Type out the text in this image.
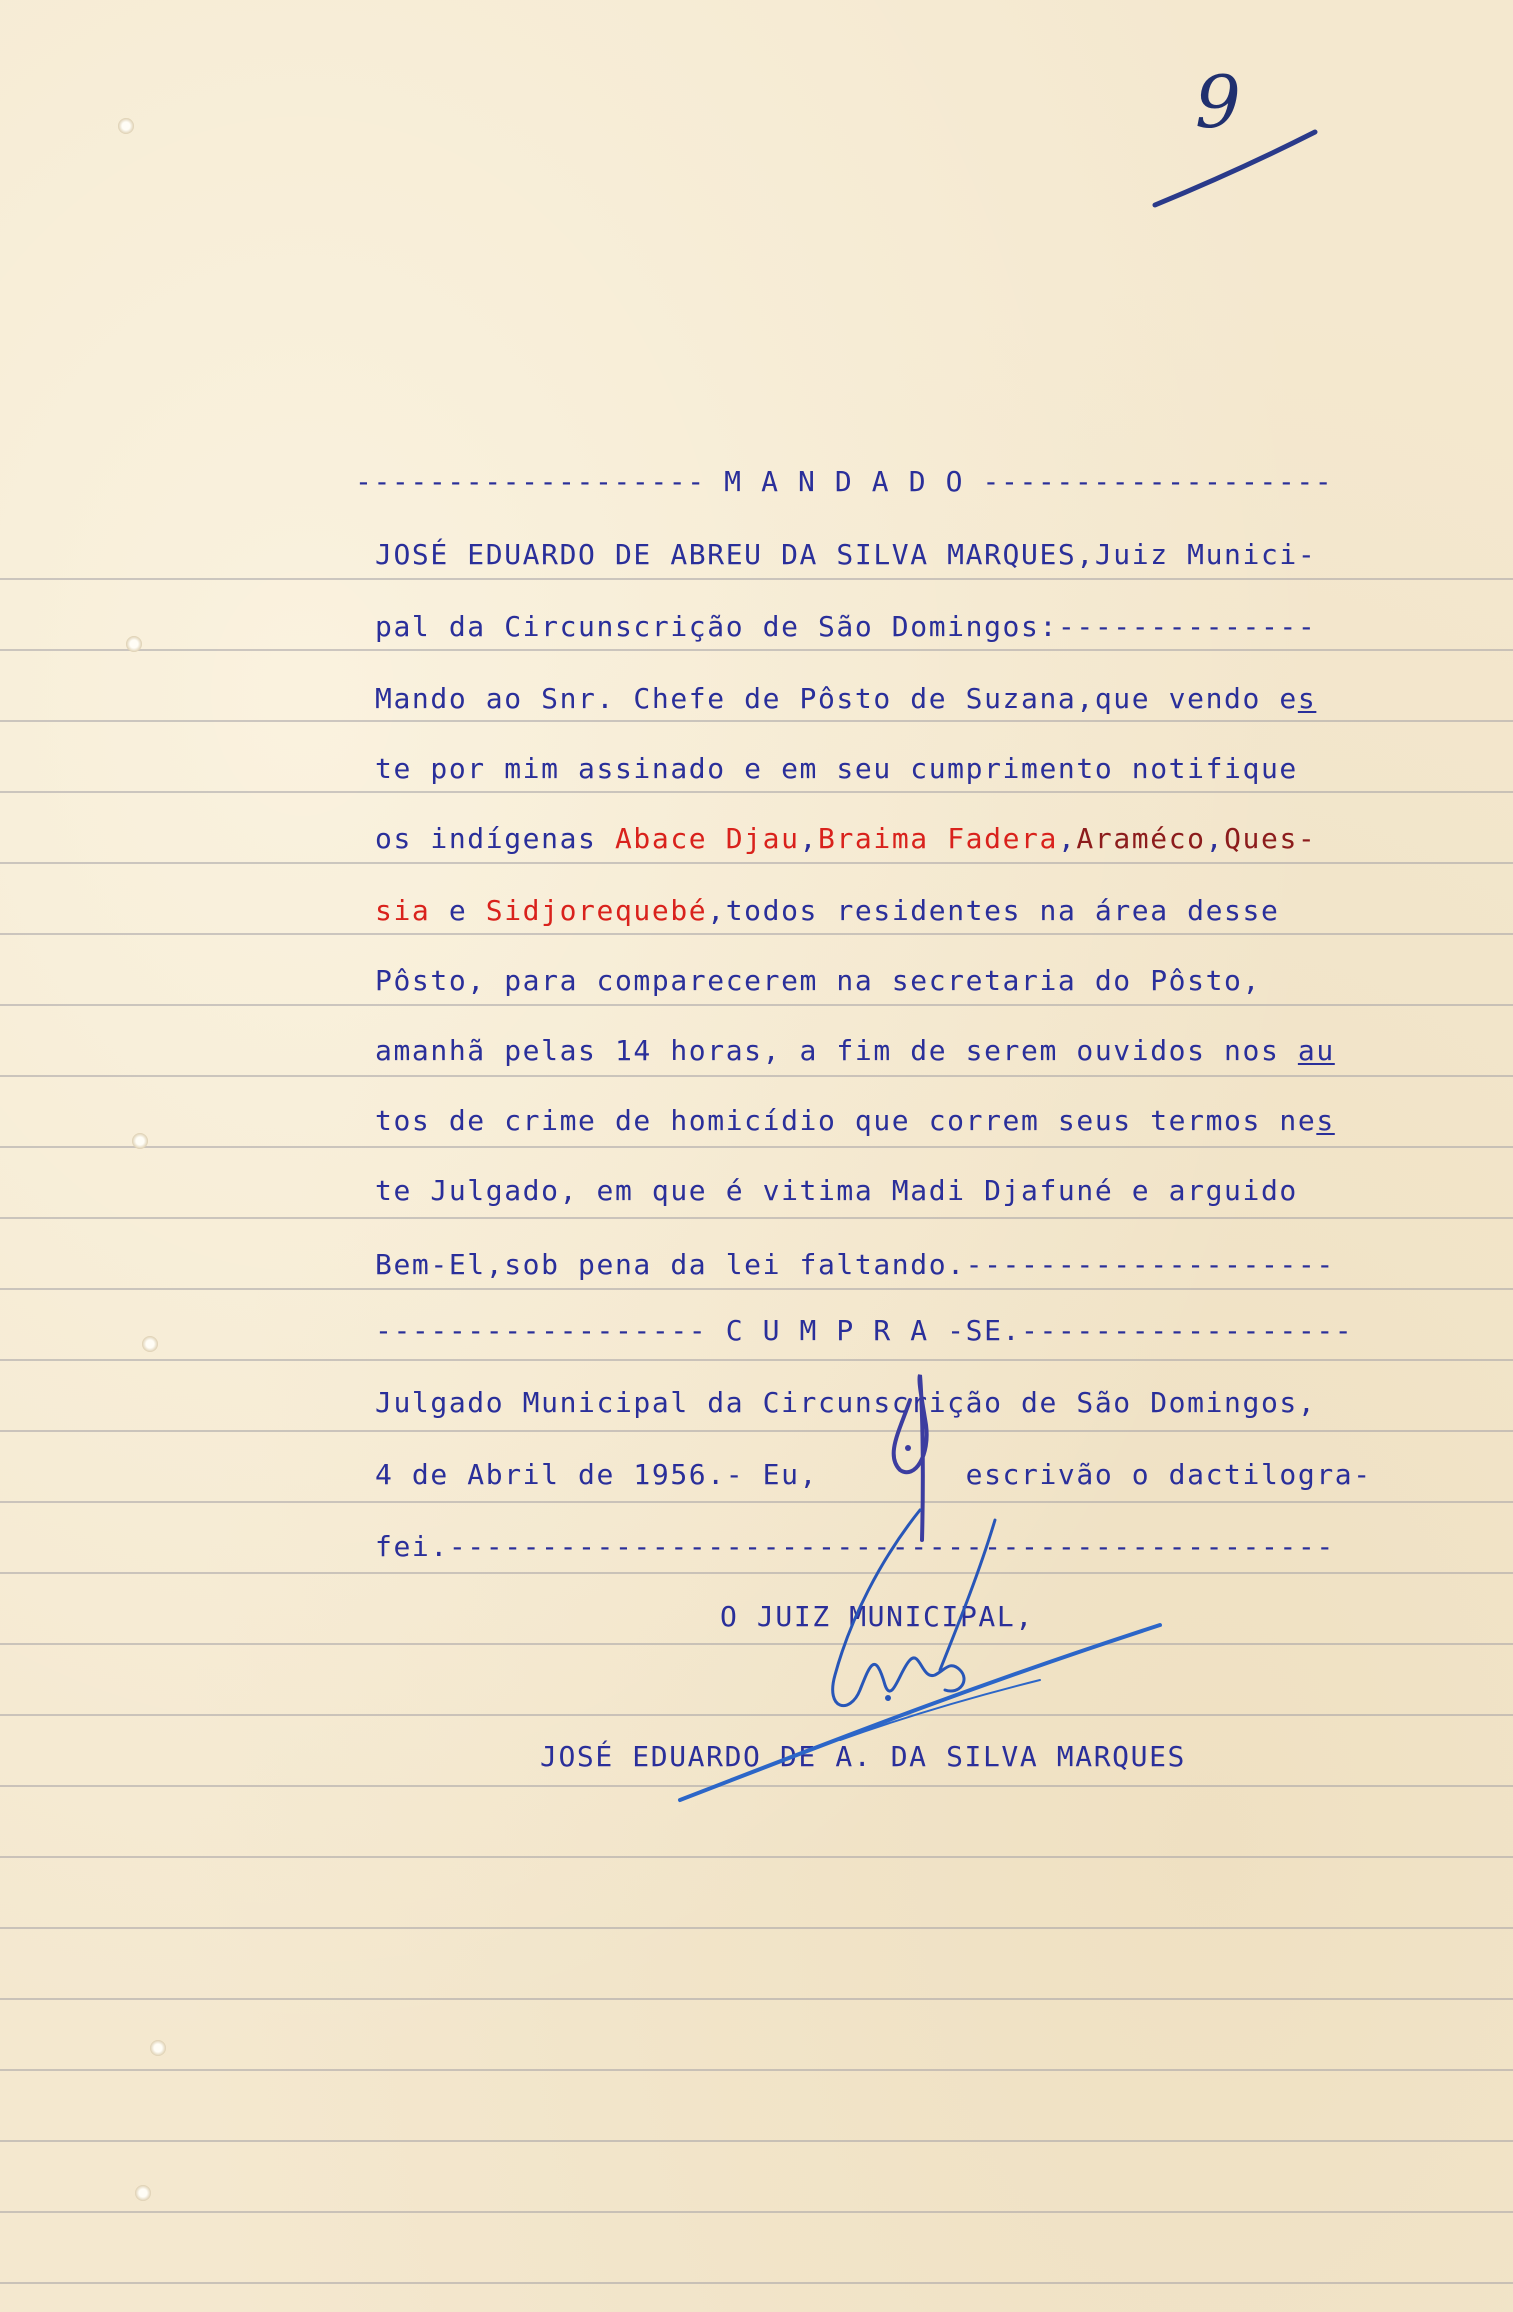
9
------------------- M A N D A D O -------------------
JOSÉ EDUARDO DE ABREU DA SILVA MARQUES,Juiz Munici-
pal da Circunscrição de São Domingos:--------------
Mando ao Snr. Chefe de Pôsto de Suzana,que vendo es
te por mim assinado e em seu cumprimento notifique
os indígenas Abace Djau,Braima Fadera,Araméco,Ques-
sia e Sidjorequebé,todos residentes na área desse
Pôsto, para comparecerem na secretaria do Pôsto,
amanhã pelas 14 horas, a fim de serem ouvidos nos au
tos de crime de homicídio que correm seus termos nes
te Julgado, em que é vitima Madi Djafuné e arguido
Bem-El,sob pena da lei faltando.--------------------
------------------ C U M P R A -SE.------------------
Julgado Municipal da Circunscrição de São Domingos,
4 de Abril de 1956.- Eu,        escrivão o dactilogra-
fei.------------------------------------------------
O JUIZ MUNICIPAL,
JOSÉ EDUARDO DE A. DA SILVA MARQUES
